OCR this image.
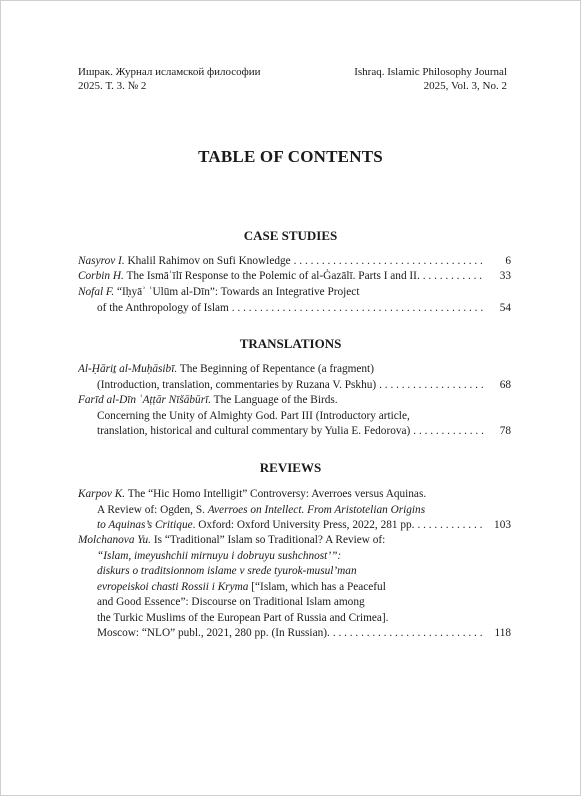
Ишрак. Журнал исламской философии
2025. Т. 3. № 2
Ishraq. Islamic Philosophy Journal
2025, Vol. 3, No. 2
TABLE OF CONTENTS
CASE STUDIES
Nasyrov I. Khalil Rahimov on Sufi Knowledge . . .	6
Corbin H. The Ismāʿīlī Response to the Polemic of al-Ġazālī. Parts I and II. . . .	33
Nofal F. “Iḥyāʾ ʿUlūm al-Dīn”: Towards an Integrative Project
of the Anthropology of Islam . . .	54
TRANSLATIONS
Al-Ḥāriṯ al-Muḥāsibī. The Beginning of Repentance (a fragment)
(Introduction, translation, commentaries by Ruzana V. Pskhu) . . .	68
Farīd al-Dīn ʿAṭṭār Nīšābūrī. The Language of the Birds.
Concerning the Unity of Almighty God. Part III (Introductory article,
translation, historical and cultural commentary by Yulia E. Fedorova) . . .	78
REVIEWS
Karpov K. The “Hic Homo Intelligit” Controversy: Averroes versus Aquinas.
A Review of: Ogden, S. Averroes on Intellect. From Aristotelian Origins
to Aquinas’s Critique. Oxford: Oxford University Press, 2022, 281 pp. . . .	103
Molchanova Yu. Is “Traditional” Islam so Traditional? A Review of:
“Islam, imeyushchii mirnuyu i dobruyu sushchnost’”:
diskurs o traditsionnom islame v srede tyurok-musul’man
evropeiskoi chasti Rossii i Kryma [“Islam, which has a Peaceful
and Good Essence”: Discourse on Traditional Islam among
the Turkic Muslims of the European Part of Russia and Crimea].
Moscow: “NLO” publ., 2021, 280 pp. (In Russian). . . .	118
